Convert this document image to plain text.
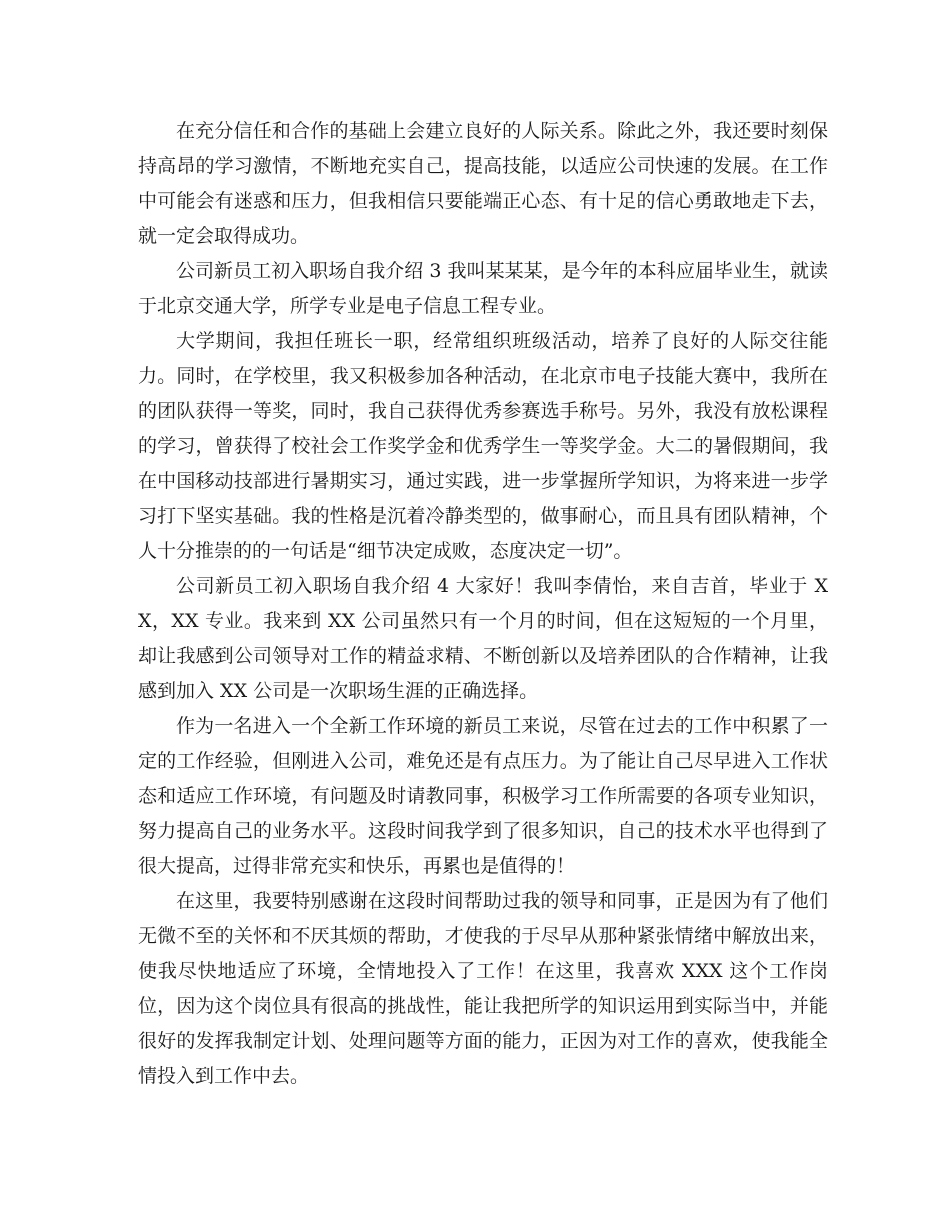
在充分信任和合作的基础上会建立良好的人际关系。除此之外，我还要时刻保持高昂的学习激情，不断地充实自己，提高技能，以适应公司快速的发展。在工作中可能会有迷惑和压力，但我相信只要能端正心态、有十足的信心勇敢地走下去，就一定会取得成功。

公司新员工初入职场自我介绍 3 我叫某某某，是今年的本科应届毕业生，就读于北京交通大学，所学专业是电子信息工程专业。

大学期间，我担任班长一职，经常组织班级活动，培养了良好的人际交往能力。同时，在学校里，我又积极参加各种活动，在北京市电子技能大赛中，我所在的团队获得一等奖，同时，我自己获得优秀参赛选手称号。另外，我没有放松课程的学习，曾获得了校社会工作奖学金和优秀学生一等奖学金。大二的暑假期间，我在中国移动技部进行暑期实习，通过实践，进一步掌握所学知识，为将来进一步学习打下坚实基础。我的性格是沉着冷静类型的，做事耐心，而且具有团队精神，个人十分推崇的的一句话是“细节决定成败，态度决定一切”。

公司新员工初入职场自我介绍 4 大家好！我叫李倩怡，来自吉首，毕业于 XX，XX 专业。我来到 XX 公司虽然只有一个月的时间，但在这短短的一个月里，却让我感到公司领导对工作的精益求精、不断创新以及培养团队的合作精神，让我感到加入 XX 公司是一次职场生涯的正确选择。

作为一名进入一个全新工作环境的新员工来说，尽管在过去的工作中积累了一定的工作经验，但刚进入公司，难免还是有点压力。为了能让自己尽早进入工作状态和适应工作环境，有问题及时请教同事，积极学习工作所需要的各项专业知识，努力提高自己的业务水平。这段时间我学到了很多知识，自己的技术水平也得到了很大提高，过得非常充实和快乐，再累也是值得的！

在这里，我要特别感谢在这段时间帮助过我的领导和同事，正是因为有了他们无微不至的关怀和不厌其烦的帮助，才使我的于尽早从那种紧张情绪中解放出来，使我尽快地适应了环境，全情地投入了工作！在这里，我喜欢 XXX 这个工作岗位，因为这个岗位具有很高的挑战性，能让我把所学的知识运用到实际当中，并能很好的发挥我制定计划、处理问题等方面的能力，正因为对工作的喜欢，使我能全情投入到工作中去。
